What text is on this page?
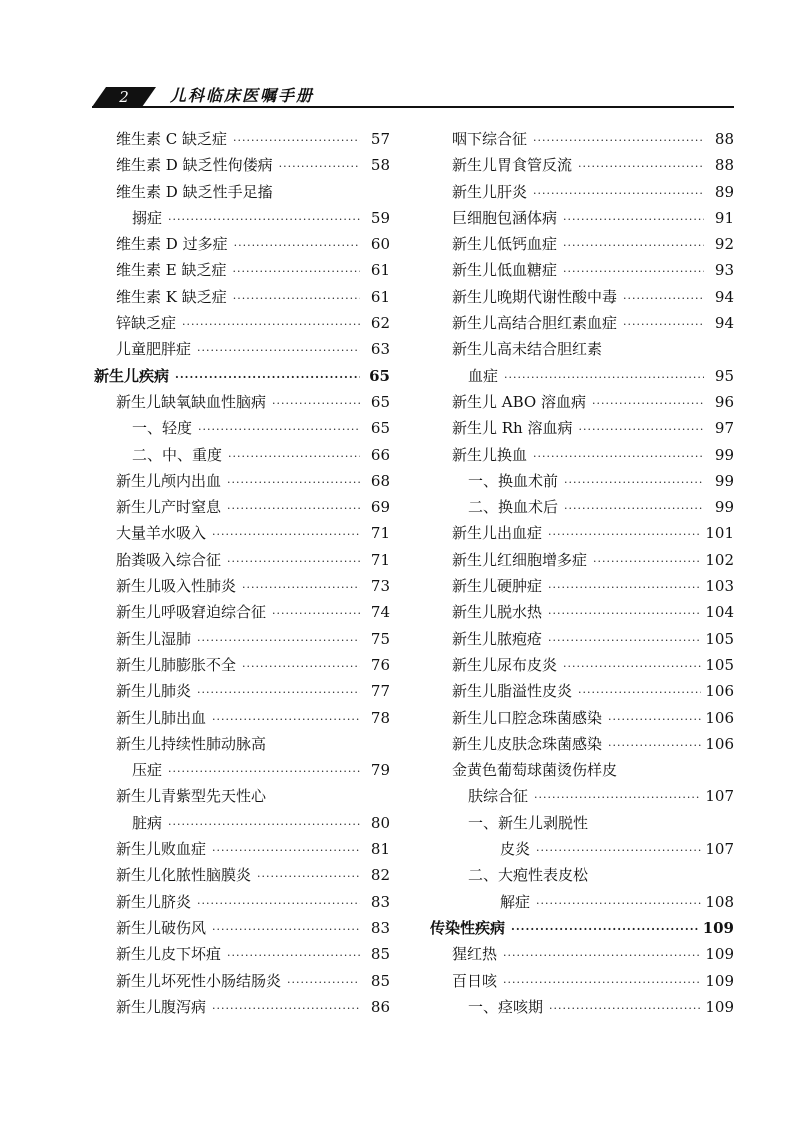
2	儿科临床医嘱手册
维生素 C 缺乏症 ·····	57
维生素 D 缺乏性佝偻病 ·····	58
维生素 D 缺乏性手足搐
搦症 ·····	59
维生素 D 过多症 ·····	60
维生素 E 缺乏症 ·····	61
维生素 K 缺乏症 ·····	61
锌缺乏症 ·····	62
儿童肥胖症 ·····	63
新生儿疾病 ·····	65
新生儿缺氧缺血性脑病 ·····	65
一、轻度 ·····	65
二、中、重度 ·····	66
新生儿颅内出血 ·····	68
新生儿产时窒息 ·····	69
大量羊水吸入 ·····	71
胎粪吸入综合征 ·····	71
新生儿吸入性肺炎 ·····	73
新生儿呼吸窘迫综合征 ·····	74
新生儿湿肺 ·····	75
新生儿肺膨胀不全 ·····	76
新生儿肺炎 ·····	77
新生儿肺出血 ·····	78
新生儿持续性肺动脉高
压症 ·····	79
新生儿青紫型先天性心
脏病 ·····	80
新生儿败血症 ·····	81
新生儿化脓性脑膜炎 ·····	82
新生儿脐炎 ·····	83
新生儿破伤风 ·····	83
新生儿皮下坏疽 ·····	85
新生儿坏死性小肠结肠炎 ·····	85
新生儿腹泻病 ·····	86
咽下综合征 ·····	88
新生儿胃食管反流 ·····	88
新生儿肝炎 ·····	89
巨细胞包涵体病 ·····	91
新生儿低钙血症 ·····	92
新生儿低血糖症 ·····	93
新生儿晚期代谢性酸中毒 ·····	94
新生儿高结合胆红素血症 ·····	94
新生儿高未结合胆红素
血症 ·····	95
新生儿 ABO 溶血病 ·····	96
新生儿 Rh 溶血病 ·····	97
新生儿换血 ·····	99
一、换血术前 ·····	99
二、换血术后 ·····	99
新生儿出血症 ·····	101
新生儿红细胞增多症 ·····	102
新生儿硬肿症 ·····	103
新生儿脱水热 ·····	104
新生儿脓疱疮 ·····	105
新生儿尿布皮炎 ·····	105
新生儿脂溢性皮炎 ·····	106
新生儿口腔念珠菌感染 ·····	106
新生儿皮肤念珠菌感染 ·····	106
金黄色葡萄球菌烫伤样皮
肤综合征 ·····	107
一、新生儿剥脱性
皮炎 ·····	107
二、大疱性表皮松
解症 ·····	108
传染性疾病 ·····	109
猩红热 ·····	109
百日咳 ·····	109
一、痉咳期 ·····	109
